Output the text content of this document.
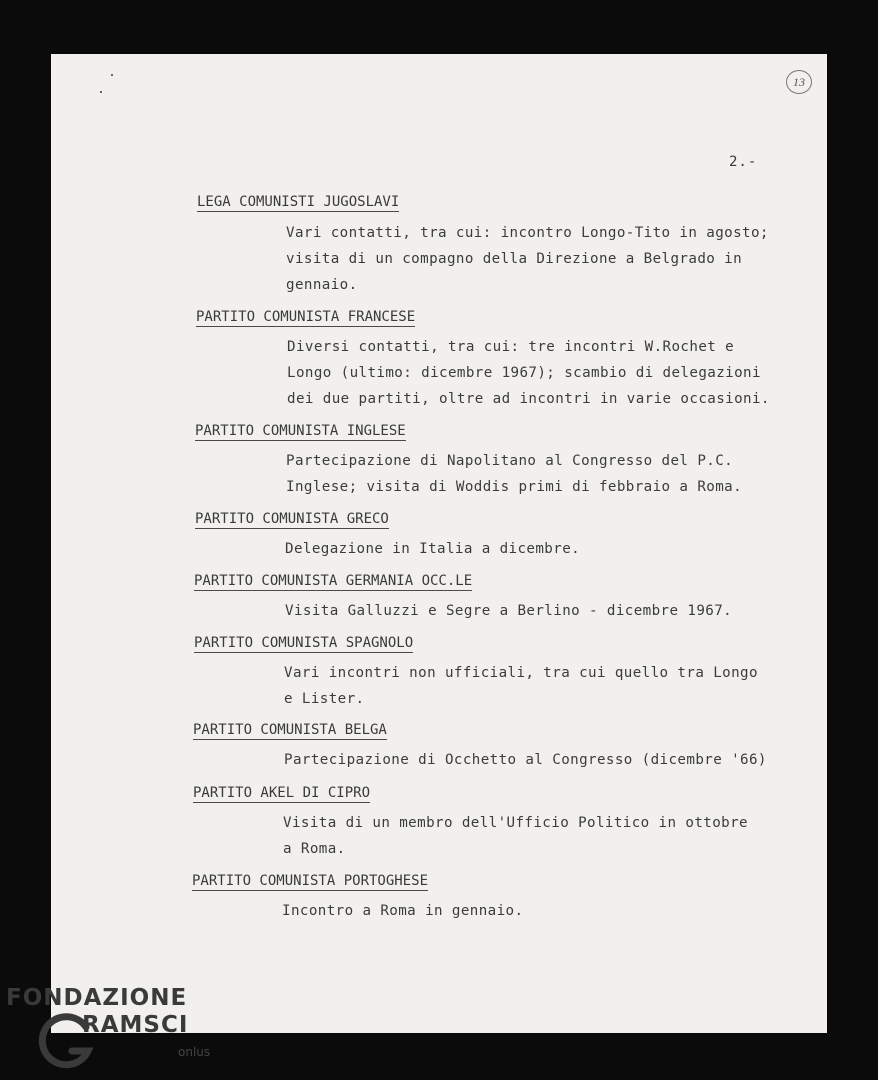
13
2.-
LEGA COMUNISTI JUGOSLAVI
Vari contatti, tra cui: incontro Longo-Tito in agosto;
visita di un compagno della Direzione a Belgrado in
gennaio.
PARTITO COMUNISTA FRANCESE
Diversi contatti, tra cui: tre incontri W.Rochet e
Longo (ultimo: dicembre 1967); scambio di delegazioni
dei due partiti, oltre ad incontri in varie occasioni.
PARTITO COMUNISTA INGLESE
Partecipazione di Napolitano al Congresso del P.C.
Inglese; visita di Woddis primi di febbraio a Roma.
PARTITO COMUNISTA GRECO
Delegazione in Italia a dicembre.
PARTITO COMUNISTA GERMANIA OCC.LE
Visita Galluzzi e Segre a Berlino - dicembre 1967.
PARTITO COMUNISTA SPAGNOLO
Vari incontri non ufficiali, tra cui quello tra Longo
e Lister.
PARTITO COMUNISTA BELGA
Partecipazione di Occhetto al Congresso (dicembre '66)
PARTITO AKEL DI CIPRO
Visita di un membro dell'Ufficio Politico in ottobre
a Roma.
PARTITO COMUNISTA PORTOGHESE
Incontro a Roma in gennaio.
FONDAZIONE
RAMSCI
onlus
